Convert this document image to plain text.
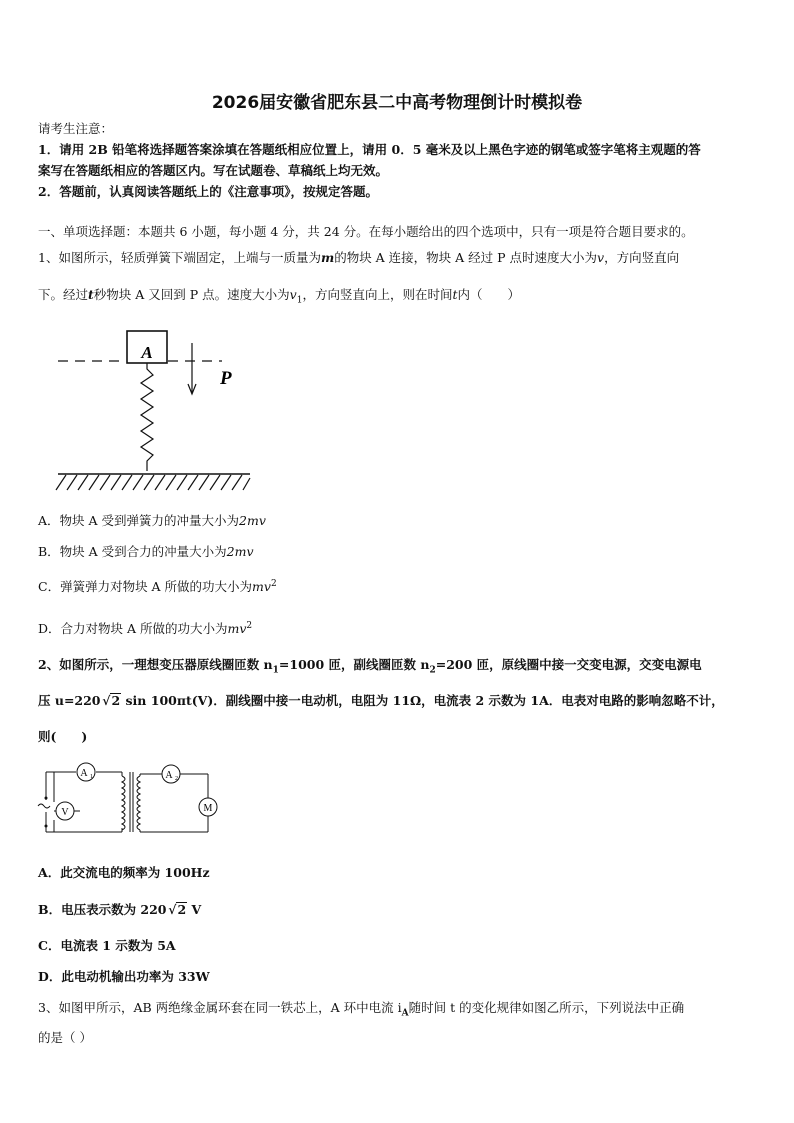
2026届安徽省肥东县二中高考物理倒计时模拟卷
请考生注意：
1．请用 2B 铅笔将选择题答案涂填在答题纸相应位置上，请用 0．5 毫米及以上黑色字迹的钢笔或签字笔将主观题的答
案写在答题纸相应的答题区内。写在试题卷、草稿纸上均无效。
2．答题前，认真阅读答题纸上的《注意事项》，按规定答题。
一、单项选择题：本题共 6 小题，每小题 4 分，共 24 分。在每小题给出的四个选项中，只有一项是符合题目要求的。
1、如图所示，轻质弹簧下端固定，上端与一质量为m的物块 A 连接，物块 A 经过 P 点时速度大小为v，方向竖直向
下。经过t秒物块 A 又回到 P 点。速度大小为$v_1$，方向竖直向上，则在时间t内（　　）
A
P
A．物块 A 受到弹簧力的冲量大小为2mv
B．物块 A 受到合力的冲量大小为2mv
C．弹簧弹力对物块 A 所做的功大小为$mv^2$
D．合力对物块 A 所做的功大小为$mv^2$
2、如图所示，一理想变压器原线圈匝数 $n_1=1000$ 匝，副线圈匝数 $n_2=200$ 匝，原线圈中接一交变电源，交变电源电
压 u=220 √ 2 sin 100πt(V)．副线圈中接一电动机，电阻为 11Ω，电流表 2 示数为 1A．电表对电路的影响忽略不计，
则(　　)
V
A 1	A 2
M
A．此交流电的频率为 100Hz
B．电压表示数为 220 √ 2 V
C．电流表 1 示数为 5A
D．此电动机输出功率为 33W
3、如图甲所示，AB 两绝缘金属环套在同一铁芯上，A 环中电流 $i_A$随时间 t 的变化规律如图乙所示，下列说法中正确
的是（ ）
